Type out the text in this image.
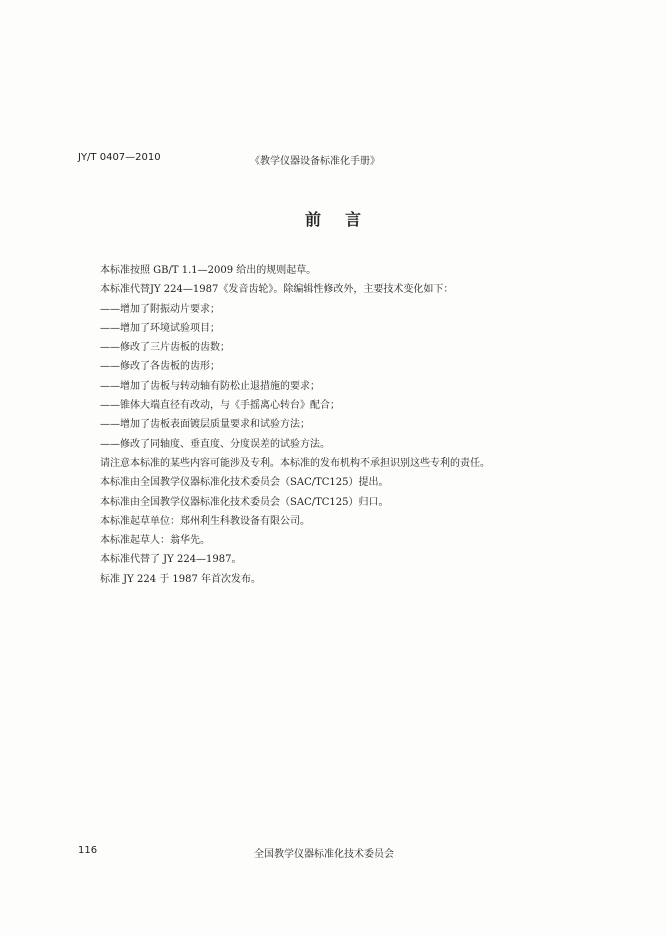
JY/T 0407—2010	《教学仪器设备标准化手册》
前言
本标准按照 GB/T 1.1—2009 给出的规则起草。
本标准代替JY 224—1987《发音齿轮》。除编辑性修改外，主要技术变化如下：
——增加了附振动片要求；
——增加了环境试验项目；
——修改了三片齿板的齿数；
——修改了各齿板的齿形；
——增加了齿板与转动轴有防松止退措施的要求；
——锥体大端直径有改动，与《手摇离心转台》配合；
——增加了齿板表面镀层质量要求和试验方法；
——修改了同轴度、垂直度、分度误差的试验方法。
请注意本标准的某些内容可能涉及专利。本标准的发布机构不承担识别这些专利的责任。
本标准由全国教学仪器标准化技术委员会（SAC/TC125）提出。
本标准由全国教学仪器标准化技术委员会（SAC/TC125）归口。
本标准起草单位：郑州利生科教设备有限公司。
本标准起草人：翁华先。
本标准代替了 JY 224—1987。
标准 JY 224 于 1987 年首次发布。
116	全国教学仪器标准化技术委员会
